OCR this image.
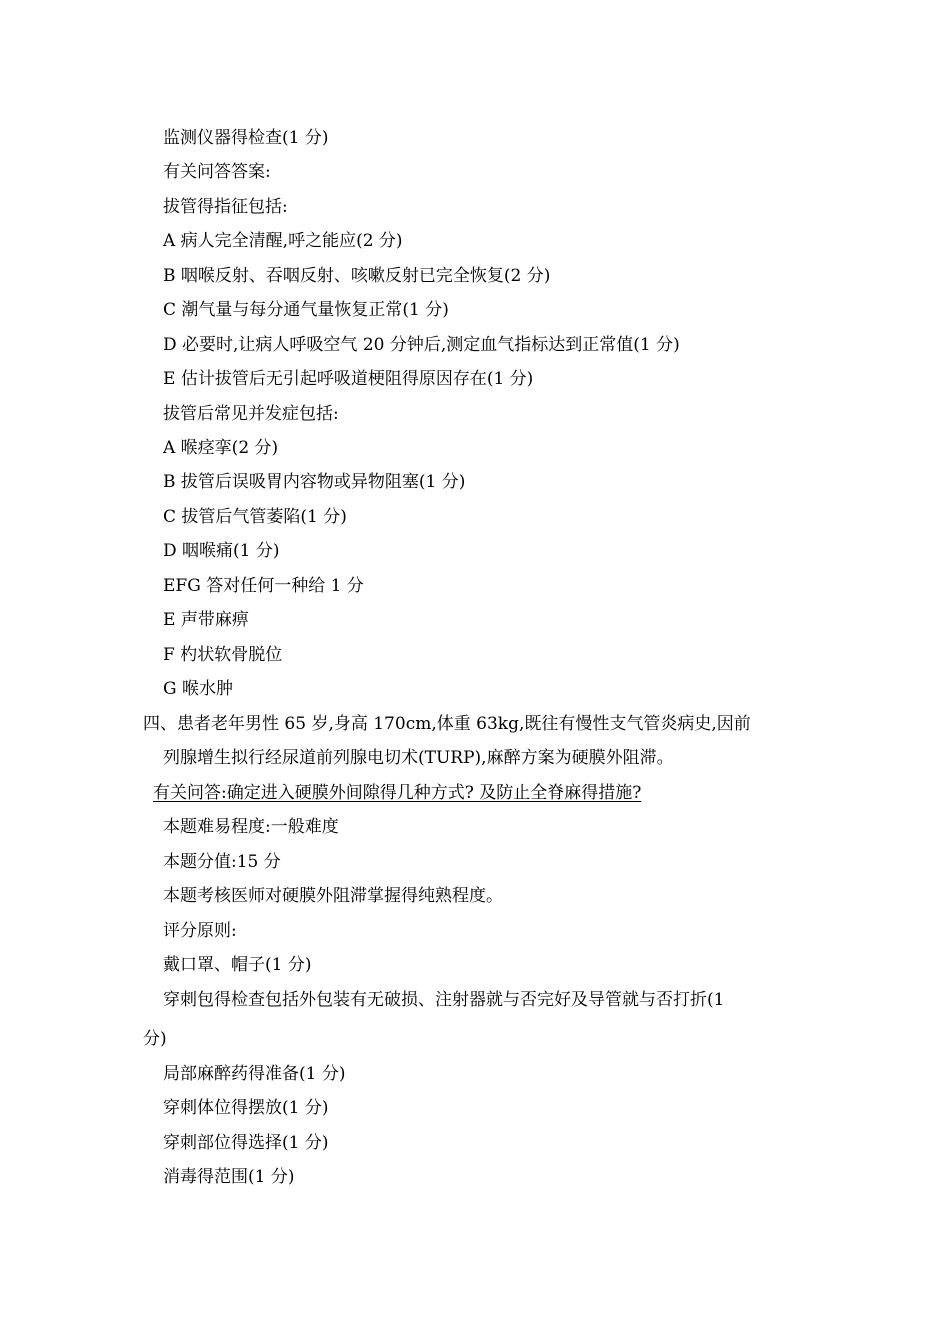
监测仪器得检查(1 分)
有关问答答案:
拔管得指征包括:
A 病人完全清醒,呼之能应(2 分)
B 咽喉反射、吞咽反射、咳嗽反射已完全恢复(2 分)
C 潮气量与每分通气量恢复正常(1 分)
D 必要时,让病人呼吸空气 20 分钟后,测定血气指标达到正常值(1 分)
E 估计拔管后无引起呼吸道梗阻得原因存在(1 分)
拔管后常见并发症包括:
A 喉痉挛(2 分)
B 拔管后误吸胃内容物或异物阻塞(1 分)
C 拔管后气管萎陷(1 分)
D 咽喉痛(1 分)
EFG 答对任何一种给 1 分
E 声带麻痹
F 杓状软骨脱位
G 喉水肿
四、患者老年男性 65 岁,身高 170cm,体重 63kg,既往有慢性支气管炎病史,因前
列腺增生拟行经尿道前列腺电切术(TURP),麻醉方案为硬膜外阻滞。
有关问答:确定进入硬膜外间隙得几种方式? 及防止全脊麻得措施?
本题难易程度:一般难度
本题分值:15 分
本题考核医师对硬膜外阻滞掌握得纯熟程度。
评分原则:
戴口罩、帽子(1 分)
穿刺包得检查包括外包装有无破损、注射器就与否完好及导管就与否打折(1
分)
局部麻醉药得准备(1 分)
穿刺体位得摆放(1 分)
穿刺部位得选择(1 分)
消毒得范围(1 分)
